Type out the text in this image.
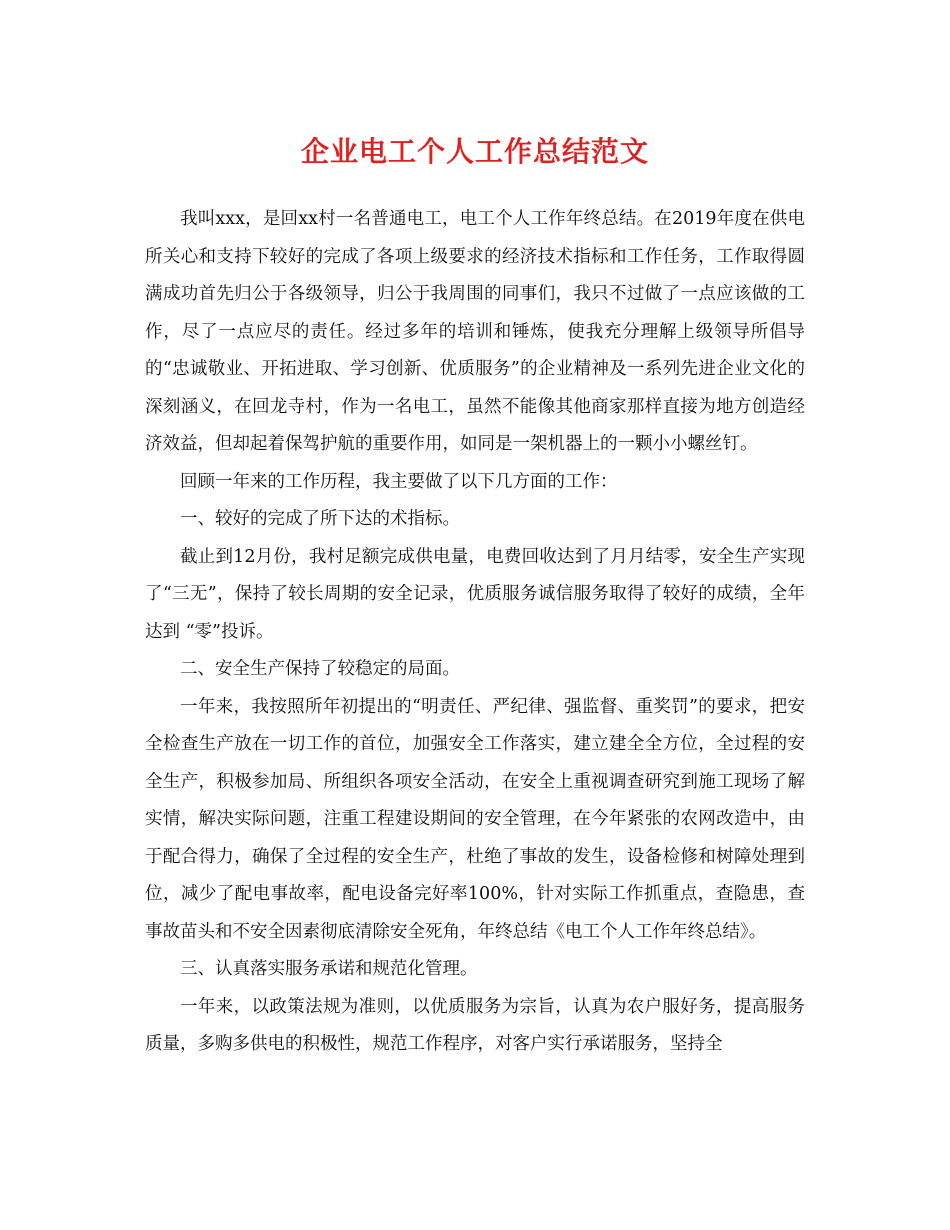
企业电工个人工作总结范文

我叫xxx，是回xx村一名普通电工，电工个人工作年终总结。在2019年度在供电所关心和支持下较好的完成了各项上级要求的经济技术指标和工作任务，工作取得圆满成功首先归公于各级领导，归公于我周围的同事们，我只不过做了一点应该做的工作，尽了一点应尽的责任。经过多年的培训和锤炼，使我充分理解上级领导所倡导的“忠诚敬业、开拓进取、学习创新、优质服务”的企业精神及一系列先进企业文化的深刻涵义，在回龙寺村，作为一名电工，虽然不能像其他商家那样直接为地方创造经济效益，但却起着保驾护航的重要作用，如同是一架机器上的一颗小小螺丝钉。

回顾一年来的工作历程，我主要做了以下几方面的工作：

一、较好的完成了所下达的术指标。

截止到12月份，我村足额完成供电量，电费回收达到了月月结零，安全生产实现了“三无”，保持了较长周期的安全记录，优质服务诚信服务取得了较好的成绩，全年达到 “零”投诉。

二、安全生产保持了较稳定的局面。

一年来，我按照所年初提出的“明责任、严纪律、强监督、重奖罚”的要求，把安全检查生产放在一切工作的首位，加强安全工作落实，建立建全全方位，全过程的安全生产，积极参加局、所组织各项安全活动，在安全上重视调查研究到施工现场了解实情，解决实际问题，注重工程建设期间的安全管理，在今年紧张的农网改造中，由于配合得力，确保了全过程的安全生产，杜绝了事故的发生，设备检修和树障处理到位，减少了配电事故率，配电设备完好率100%，针对实际工作抓重点，查隐患，查事故苗头和不安全因素彻底清除安全死角，年终总结《电工个人工作年终总结》。

三、认真落实服务承诺和规范化管理。

一年来，以政策法规为准则，以优质服务为宗旨，认真为农户服好务，提高服务质量，多购多供电的积极性，规范工作程序，对客户实行承诺服务，坚持全
